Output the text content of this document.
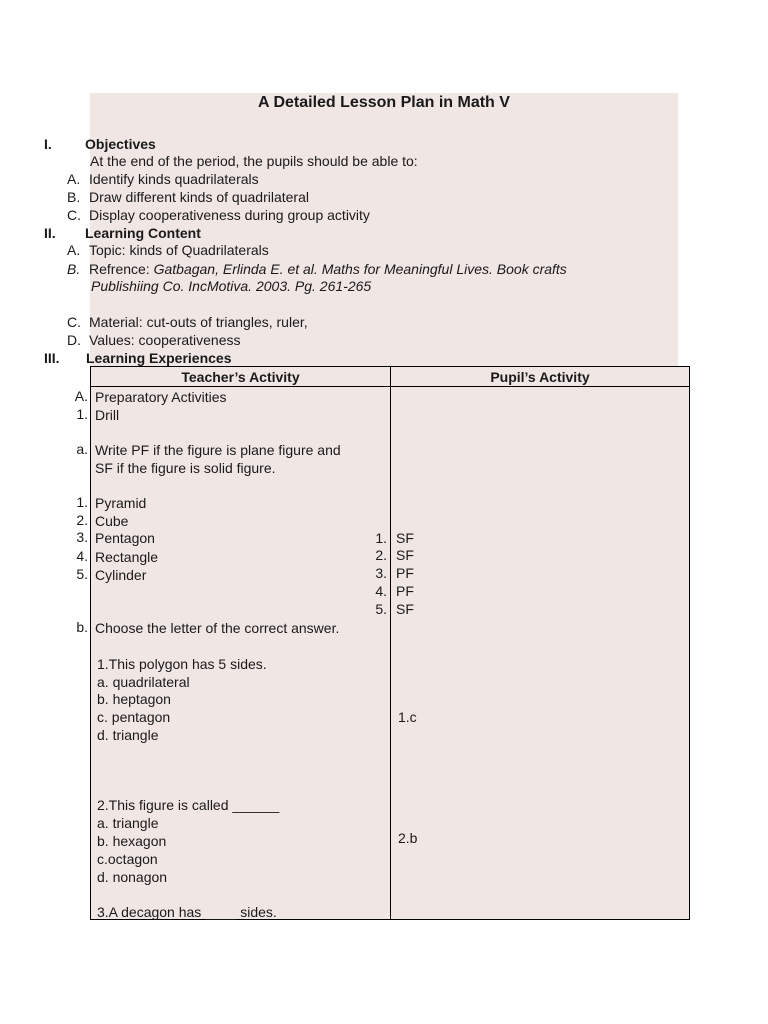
A Detailed Lesson Plan in Math V
I. Objectives
At the end of the period, the pupils should be able to:
A. Identify kinds quadrilaterals
B. Draw different kinds of quadrilateral
C. Display cooperativeness during group activity
II. Learning Content
A. Topic: kinds of Quadrilaterals
B. Refrence: Gatbagan, Erlinda E. et al. Maths for Meaningful Lives. Book crafts
Publishiing Co. IncMotiva. 2003. Pg. 261-265
C. Material: cut-outs of triangles, ruler,
D. Values: cooperativeness
III. Learning Experiences
Teacher’s Activity	Pupil’s Activity
Preparatory Activities
Drill
Write PF if the figure is plane figure and
SF if the figure is solid figure.
Pyramid
Cube
Pentagon
Rectangle
Cylinder
1.
2.
3.
4.
5.
SF
SF
PF
PF
SF
Choose the letter of the correct answer.
1.This polygon has 5 sides.
a. quadrilateral
b. heptagon
c. pentagon
d. triangle
1.c
2.This figure is called ______
a. triangle
b. hexagon
c.octagon
d. nonagon
2.b
3.A decagon has ____ sides.
A.
1.
a.
1.
2.
3.
4.
5.
b.
